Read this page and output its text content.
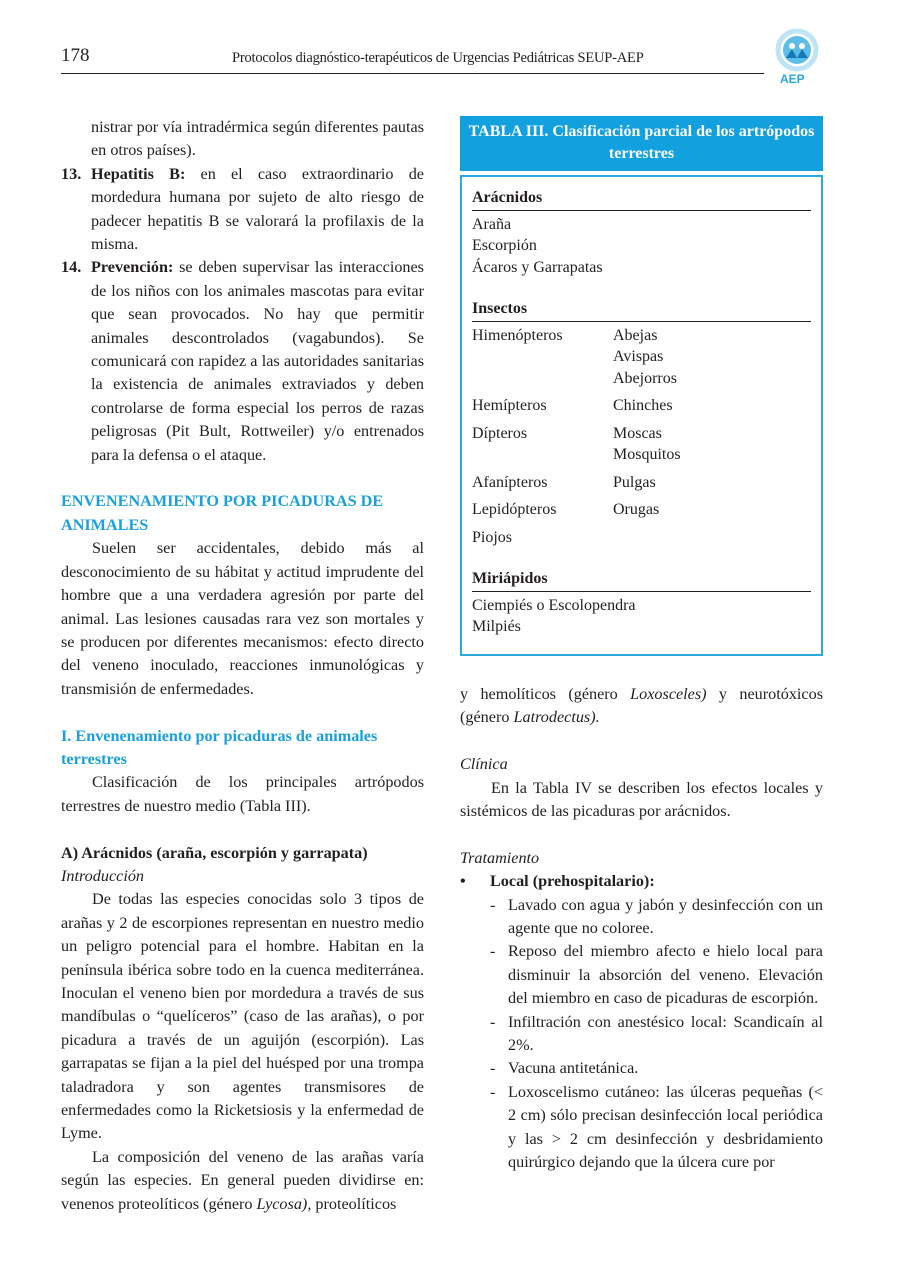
178	Protocolos diagnóstico-terapéuticos de Urgencias Pediátricas SEUP-AEP
AEP

nistrar por vía intradérmica según diferentes pautas en otros países).

13. Hepatitis B: en el caso extraordinario de mordedura humana por sujeto de alto riesgo de padecer hepatitis B se valorará la profilaxis de la misma.
14. Prevención: se deben supervisar las interacciones de los niños con los animales mascotas para evitar que sean provocados. No hay que permitir animales descontrolados (vagabundos). Se comunicará con rapidez a las autoridades sanitarias la existencia de animales extraviados y deben controlarse de forma especial los perros de razas peligrosas (Pit Bult, Rottweiler) y/o entrenados para la defensa o el ataque.

ENVENENAMIENTO POR PICADURAS DE ANIMALES

Suelen ser accidentales, debido más al desconocimiento de su hábitat y actitud imprudente del hombre que a una verdadera agresión por parte del animal. Las lesiones causadas rara vez son mortales y se producen por diferentes mecanismos: efecto directo del veneno inoculado, reacciones inmunológicas y transmisión de enfermedades.

I. Envenenamiento por picaduras de animales terrestres

Clasificación de los principales artrópodos terrestres de nuestro medio (Tabla III).

A) Arácnidos (araña, escorpión y garrapata)

Introducción

De todas las especies conocidas solo 3 tipos de arañas y 2 de escorpiones representan en nuestro medio un peligro potencial para el hombre. Habitan en la península ibérica sobre todo en la cuenca mediterránea. Inoculan el veneno bien por mordedura a través de sus mandíbulas o “quelíceros” (caso de las arañas), o por picadura a través de un aguijón (escorpión). Las garrapatas se fijan a la piel del huésped por una trompa taladradora y son agentes transmisores de enfermedades como la Ricketsiosis y la enfermedad de Lyme.

La composición del veneno de las arañas varía según las especies. En general pueden dividirse en: venenos proteolíticos (género Lycosa), proteolíticos

TABLA III. Clasificación parcial de los artrópodos terrestres
Arácnidos
Araña
Escorpión
Ácaros y Garrapatas
Insectos
Himenópteros	Abejas
Avispas
Abejorros
Hemípteros	Chinches
Dípteros	Moscas
Mosquitos
Afanípteros	Pulgas
Lepidópteros	Orugas
Piojos
Miriápidos
Ciempiés o Escolopendra
Milpiés

y hemolíticos (género Loxosceles) y neurotóxicos (género Latrodectus).

Clínica

En la Tabla IV se describen los efectos locales y sistémicos de las picaduras por arácnidos.

Tratamiento

•	Local (prehospitalario):
- Lavado con agua y jabón y desinfección con un agente que no coloree.
- Reposo del miembro afecto e hielo local para disminuir la absorción del veneno. Elevación del miembro en caso de picaduras de escorpión.
- Infiltración con anestésico local: Scandicaín al 2%.
- Vacuna antitetánica.
- Loxoscelismo cutáneo: las úlceras pequeñas (< 2 cm) sólo precisan desinfección local periódica y las > 2 cm desinfección y desbridamiento quirúrgico dejando que la úlcera cure por
